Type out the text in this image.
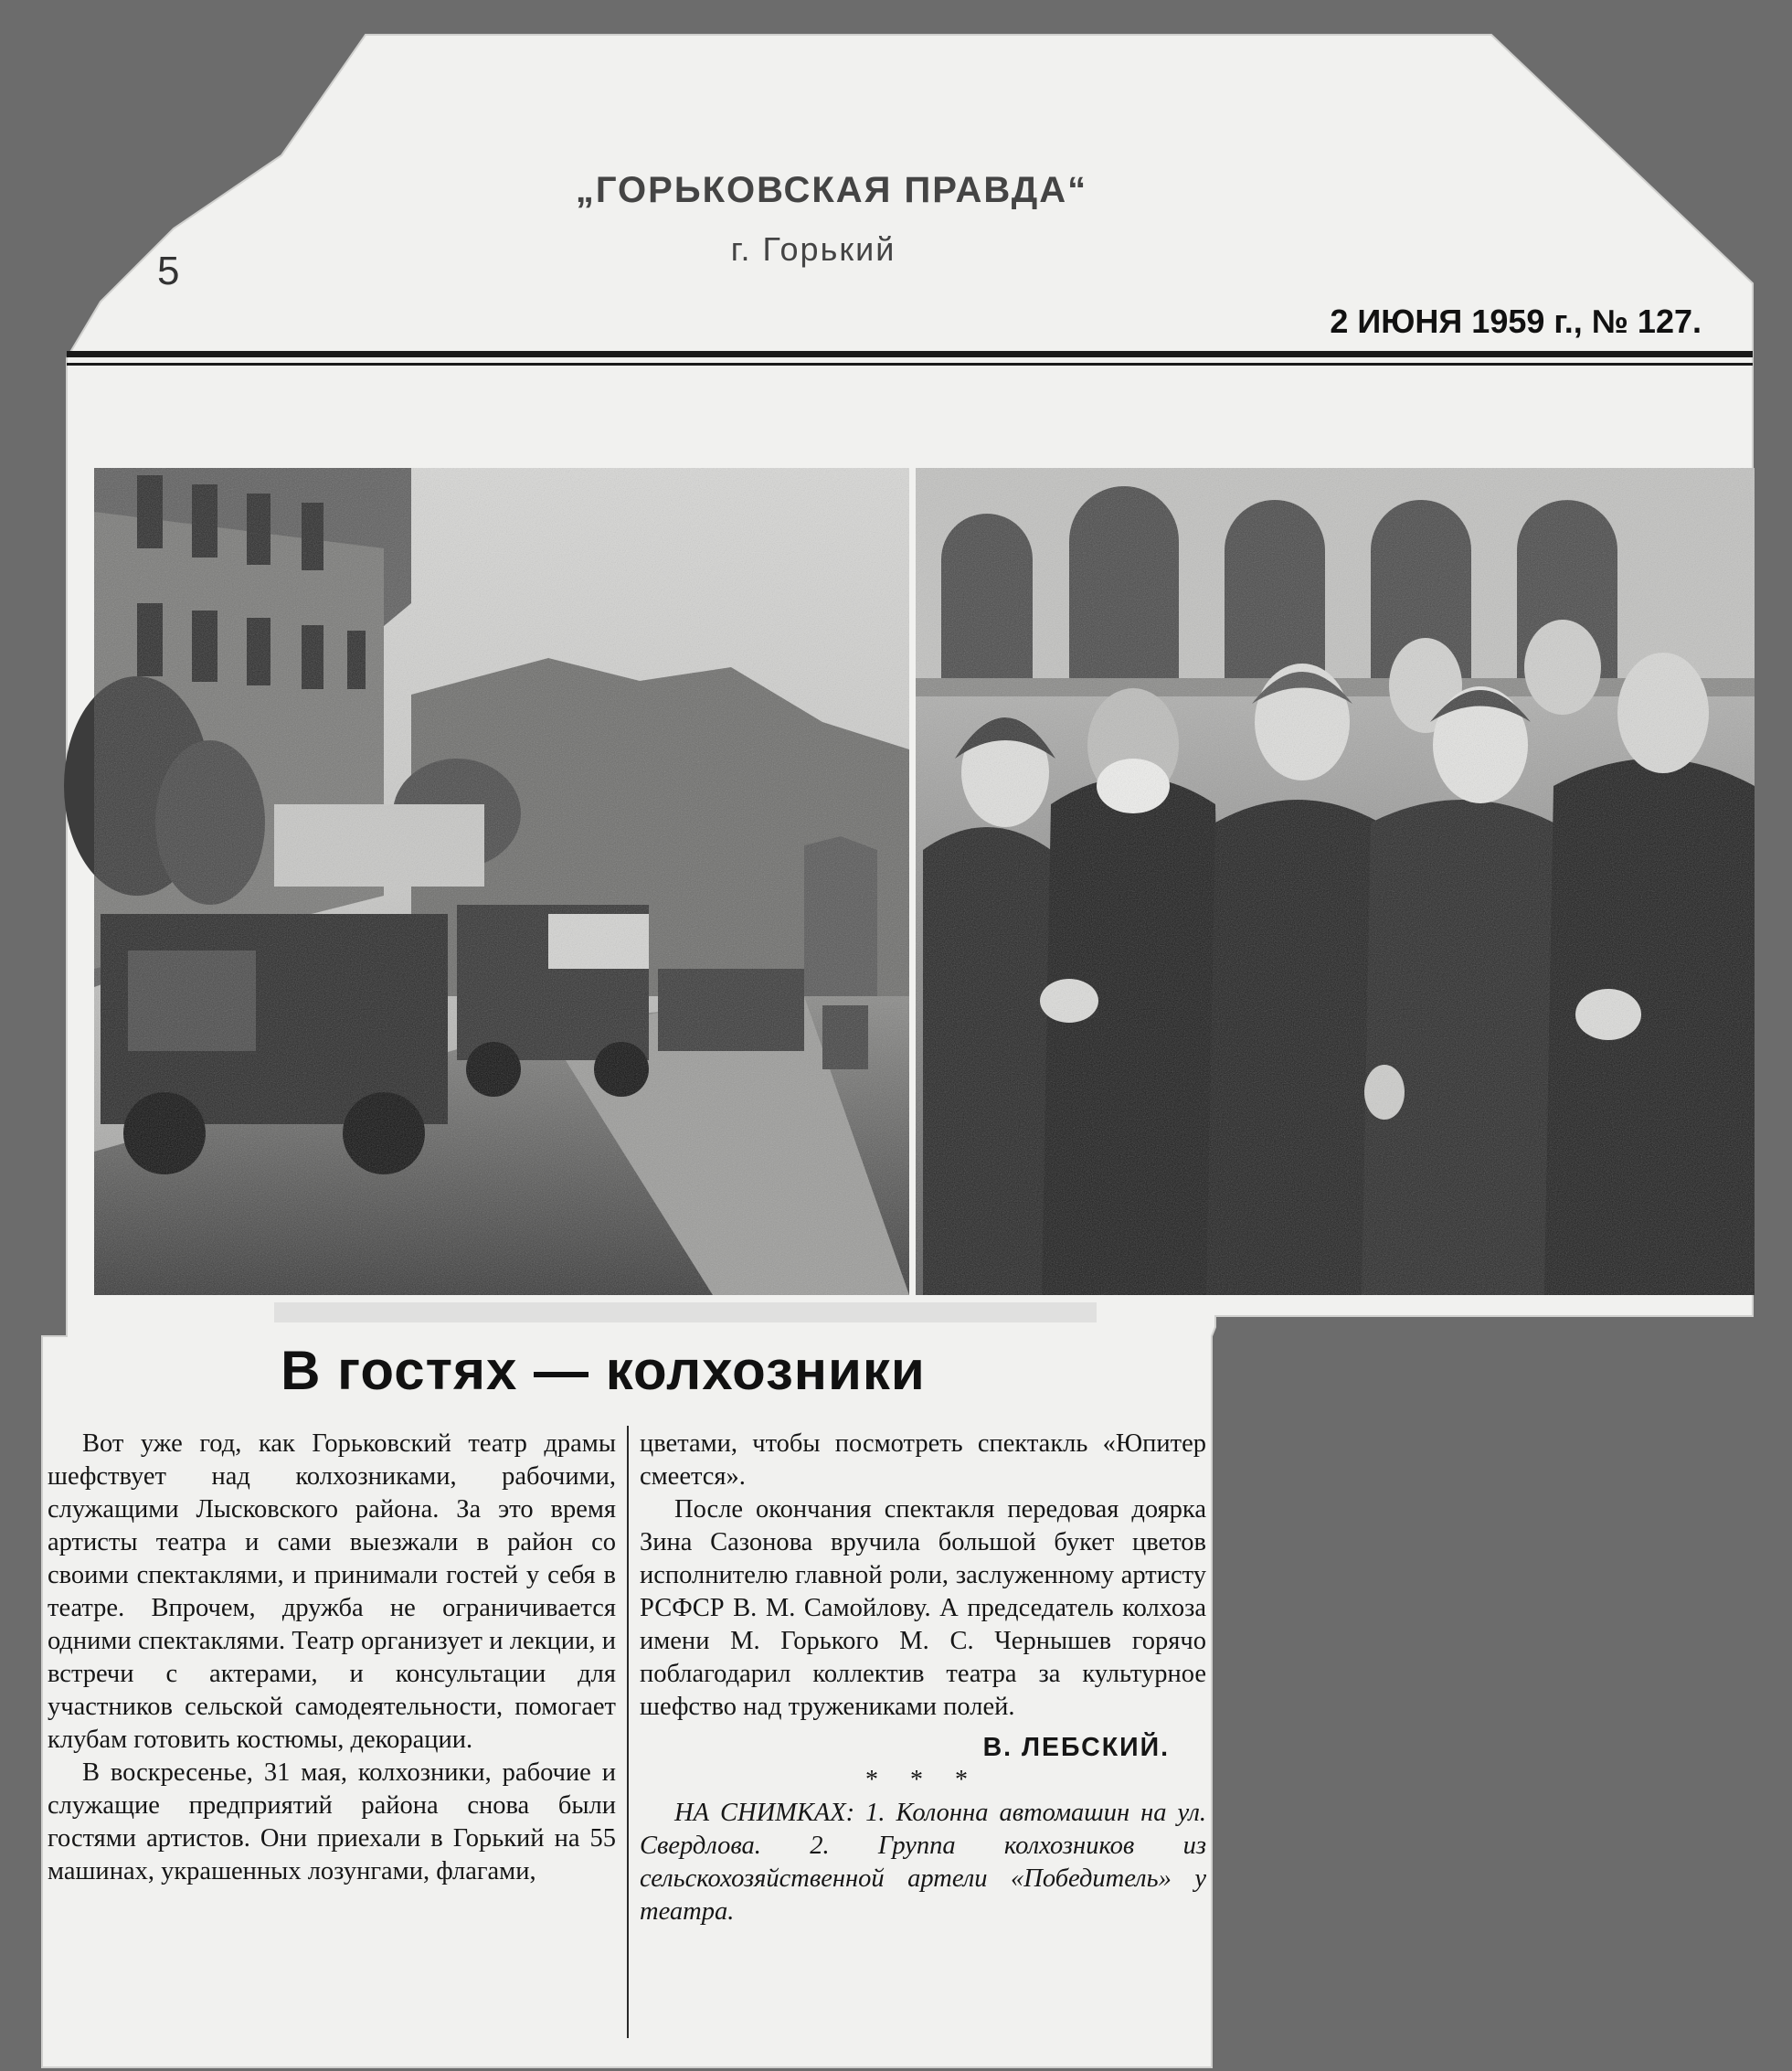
„ГОРЬКОВСКАЯ ПРАВДА“
г. Горький
2 ИЮНЯ 1959 г., № 127.
5
В гостях — колхозники

Вот уже год, как Горьковский театр драмы шефствует над колхозниками, рабочими, служащими Лысковского района. За это время артисты театра и сами выезжали в район со своими спектаклями, и принимали гостей у себя в театре. Впрочем, дружба не ограничивается одними спектаклями. Театр организует и лекции, и встречи с актерами, и консультации для участников сельской самодеятельности, помогает клубам готовить костюмы, декорации.

В воскресенье, 31 мая, колхозники, рабочие и служащие предприятий района снова были гостями артистов. Они приехали в Горький на 55 машинах, украшенных лозунгами, флагами,

цветами, чтобы посмотреть спектакль «Юпитер смеется».

После окончания спектакля передовая доярка Зина Сазонова вручила большой букет цветов исполнителю главной роли, заслуженному артисту РСФСР В. М. Самойлову. А председатель колхоза имени М. Горького М. С. Чернышев горячо поблагодарил коллектив театра за культурное шефство над тружениками полей.

В. ЛЕБСКИЙ.

* * *

НА СНИМКАХ: 1. Колонна автомашин на ул. Свердлова. 2. Группа колхозников из сельскохозяйственной артели «Победитель» у театра.
